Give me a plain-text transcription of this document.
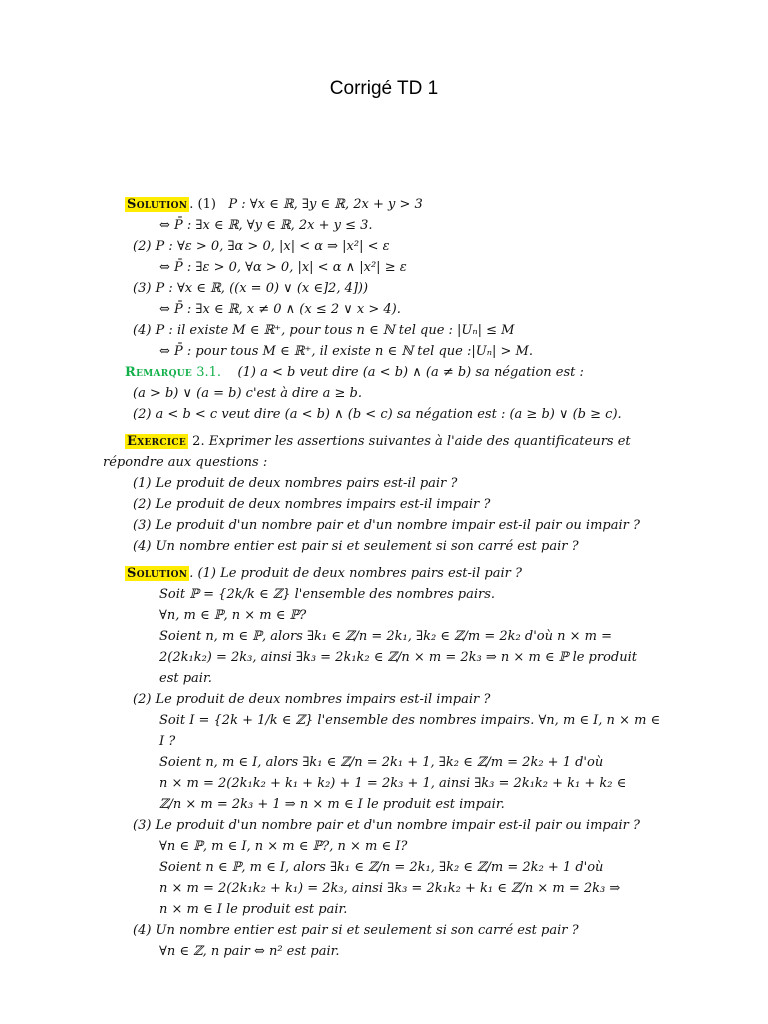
Corrigé TD 1
Solution . (1)   P : ∀x ∈ ℝ, ∃y ∈ ℝ, 2x + y > 3
⇔ P̄ : ∃x ∈ ℝ, ∀y ∈ ℝ, 2x + y ≤ 3.
(2) P : ∀ε > 0, ∃α > 0, |x| < α ⇒ |x²| < ε
⇔ P̄ : ∃ε > 0, ∀α > 0, |x| < α ∧ |x²| ≥ ε
(3) P : ∀x ∈ ℝ, ((x = 0) ∨ (x ∈]2, 4]))
⇔ P̄ : ∃x ∈ ℝ, x ≠ 0 ∧ (x ≤ 2 ∨ x > 4).
(4) P : il existe M ∈ ℝ⁺, pour tous n ∈ ℕ tel que : |Uₙ| ≤ M
⇔ P̄ : pour tous M ∈ ℝ⁺, il existe n ∈ ℕ tel que :|Uₙ| > M.
Remarque 3.1. (1) a < b veut dire (a < b) ∧ (a ≠ b) sa négation est :
(a > b) ∨ (a = b) c'est à dire a ≥ b.
(2) a < b < c veut dire (a < b) ∧ (b < c) sa négation est : (a ≥ b) ∨ (b ≥ c).
Exercice 2. Exprimer les assertions suivantes à l'aide des quantificateurs et
répondre aux questions :
(1) Le produit de deux nombres pairs est-il pair ?
(2) Le produit de deux nombres impairs est-il impair ?
(3) Le produit d'un nombre pair et d'un nombre impair est-il pair ou impair ?
(4) Un nombre entier est pair si et seulement si son carré est pair ?
Solution . (1) Le produit de deux nombres pairs est-il pair ?
Soit ℙ = {2k/k ∈ ℤ} l'ensemble des nombres pairs.
∀n, m ∈ ℙ, n × m ∈ ℙ?
Soient n, m ∈ ℙ, alors ∃k₁ ∈ ℤ/n = 2k₁, ∃k₂ ∈ ℤ/m = 2k₂ d'où n × m =
2(2k₁k₂) = 2k₃, ainsi ∃k₃ = 2k₁k₂ ∈ ℤ/n × m = 2k₃ ⇒ n × m ∈ ℙ le produit
est pair.
(2) Le produit de deux nombres impairs est-il impair ?
Soit I = {2k + 1/k ∈ ℤ} l'ensemble des nombres impairs. ∀n, m ∈ I, n × m ∈
I ?
Soient n, m ∈ I, alors ∃k₁ ∈ ℤ/n = 2k₁ + 1, ∃k₂ ∈ ℤ/m = 2k₂ + 1 d'où
n × m = 2(2k₁k₂ + k₁ + k₂) + 1 = 2k₃ + 1, ainsi ∃k₃ = 2k₁k₂ + k₁ + k₂ ∈
ℤ/n × m = 2k₃ + 1 ⇒ n × m ∈ I le produit est impair.
(3) Le produit d'un nombre pair et d'un nombre impair est-il pair ou impair ?
∀n ∈ ℙ, m ∈ I, n × m ∈ ℙ?, n × m ∈ I?
Soient n ∈ ℙ, m ∈ I, alors ∃k₁ ∈ ℤ/n = 2k₁, ∃k₂ ∈ ℤ/m = 2k₂ + 1 d'où
n × m = 2(2k₁k₂ + k₁) = 2k₃, ainsi ∃k₃ = 2k₁k₂ + k₁ ∈ ℤ/n × m = 2k₃ ⇒
n × m ∈ I le produit est pair.
(4) Un nombre entier est pair si et seulement si son carré est pair ?
∀n ∈ ℤ, n pair ⇔ n² est pair.
